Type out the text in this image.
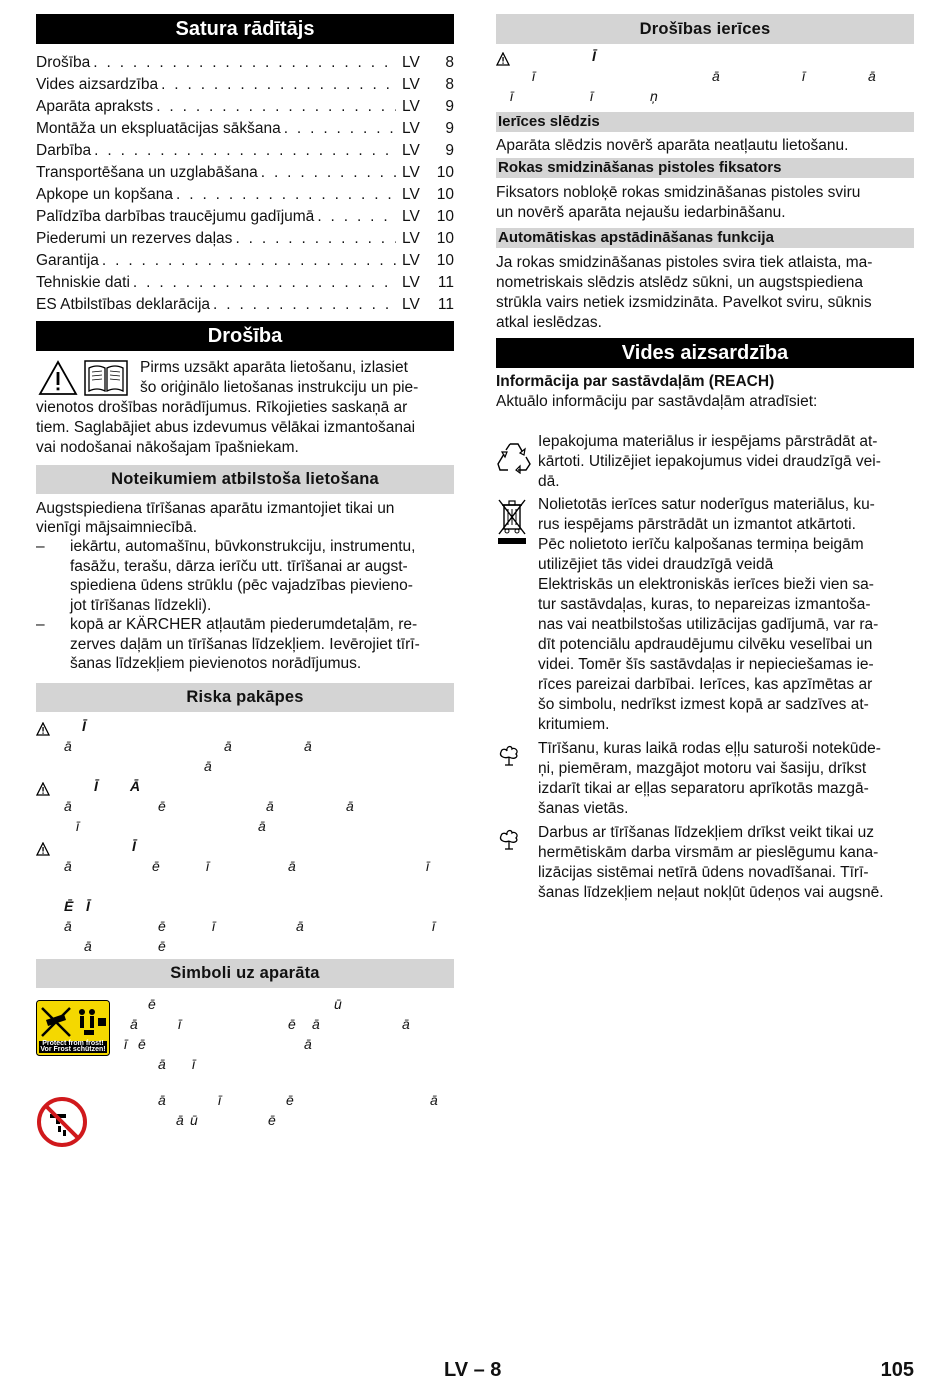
Satura rādītājs
Drošība . . .	LV	8
Vides aizsardzība . . .	LV	8
Aparāta apraksts . . .	LV	9
Montāža un ekspluatācijas sākšana . . .	LV	9
Darbība . . .	LV	9
Transportēšana un uzglabāšana . . .	LV	10
Apkope un kopšana . . .	LV	10
Palīdzība darbības traucējumu gadījumā . . .	LV	10
Piederumi un rezerves daļas . . .	LV	10
Garantija . . .	LV	10
Tehniskie dati . . .	LV	11
ES Atbilstības deklarācija . . .	LV	11
Drošība
Pirms uzsākt aparāta lietošanu, izlasiet
šo oriģinālo lietošanas instrukciju un pie-
vienotos drošības norādījumus. Rīkojieties saskaņā ar
tiem. Saglabājiet abus izdevumus vēlākai izmantošanai
vai nodošanai nākošajam īpašniekam.
Noteikumiem atbilstoša lietošana
Augstspiediena tīrīšanas aparātu izmantojiet tikai un
vienīgi mājsaimniecībā.
–	iekārtu, automašīnu, būvkonstrukciju, instrumentu,
fasāžu, terašu, dārza ierīču utt. tīrīšanai ar augst-
spiediena ūdens strūklu (pēc vajadzības pievieno-
jot tīrīšanas līdzekli).
–	kopā ar KÄRCHER atļautām piederumdetaļām, re-
zerves daļām un tīrīšanas līdzekļiem. Ievērojiet tīrī-
šanas līdzekļiem pievienotos norādījumus.
Riska pakāpes
Ī
ā	ā	ā
ā
Ī Ā
ā	ē	ā	ā
ī	ā
Ī
ā	ē	ī	ā	ī
Ē Ī
ā	ē	ī	ā	ī
ā	ē
Simboli uz aparāta
Protect from frost!
Vor Frost schützen!
ē	ū
ā	ī	ē ā	ā
ī ē	ā
ā ī
ā	ī	ē	ā
ā ū	ē
Drošības ierīces
Ī
ī	ā	ī	ā
ī	ī	ņ
Ierīces slēdzis
Aparāta slēdzis novērš aparāta neatļautu lietošanu.
Rokas smidzināšanas pistoles fiksators
Fiksators nobloķē rokas smidzināšanas pistoles sviru
un novērš aparāta nejaušu iedarbināšanu.
Automātiskas apstādināšanas funkcija
Ja rokas smidzināšanas pistoles svira tiek atlaista, ma-
nometriskais slēdzis atslēdz sūkni, un augstspiediena
strūkla vairs netiek izsmidzināta. Pavelkot sviru, sūknis
atkal ieslēdzas.
Vides aizsardzība
Informācija par sastāvdaļām (REACH)
Aktuālo informāciju par sastāvdaļām atradīsiet:
Iepakojuma materiālus ir iespējams pārstrādāt at-
kārtoti. Utilizējiet iepakojumus videi draudzīgā vei-
dā.
Nolietotās ierīces satur noderīgus materiālus, ku-
rus iespējams pārstrādāt un izmantot atkārtoti.
Pēc nolietoto ierīču kalpošanas termiņa beigām
utilizējiet tās videi draudzīgā veidā
Elektriskās un elektroniskās ierīces bieži vien sa-
tur sastāvdaļas, kuras, to nepareizas izmantoša-
nas vai neatbilstošas utilizācijas gadījumā, var ra-
dīt potenciālu apdraudējumu cilvēku veselībai un
videi. Tomēr šīs sastāvdaļas ir nepieciešamas ie-
rīces pareizai darbībai. Ierīces, kas apzīmētas ar
šo simbolu, nedrīkst izmest kopā ar sadzīves at-
kritumiem.
Tīrīšanu, kuras laikā rodas eļļu saturoši notekūde-
ņi, piemēram, mazgājot motoru vai šasiju, drīkst
izdarīt tikai ar eļļas separatoru aprīkotās mazgā-
šanas vietās.
Darbus ar tīrīšanas līdzekļiem drīkst veikt tikai uz
hermētiskām darba virsmām ar pieslēgumu kana-
lizācijas sistēmai netīrā ūdens novadīšanai. Tīrī-
šanas līdzekļiem neļaut nokļūt ūdeņos vai augsnē.
LV – 8	105
